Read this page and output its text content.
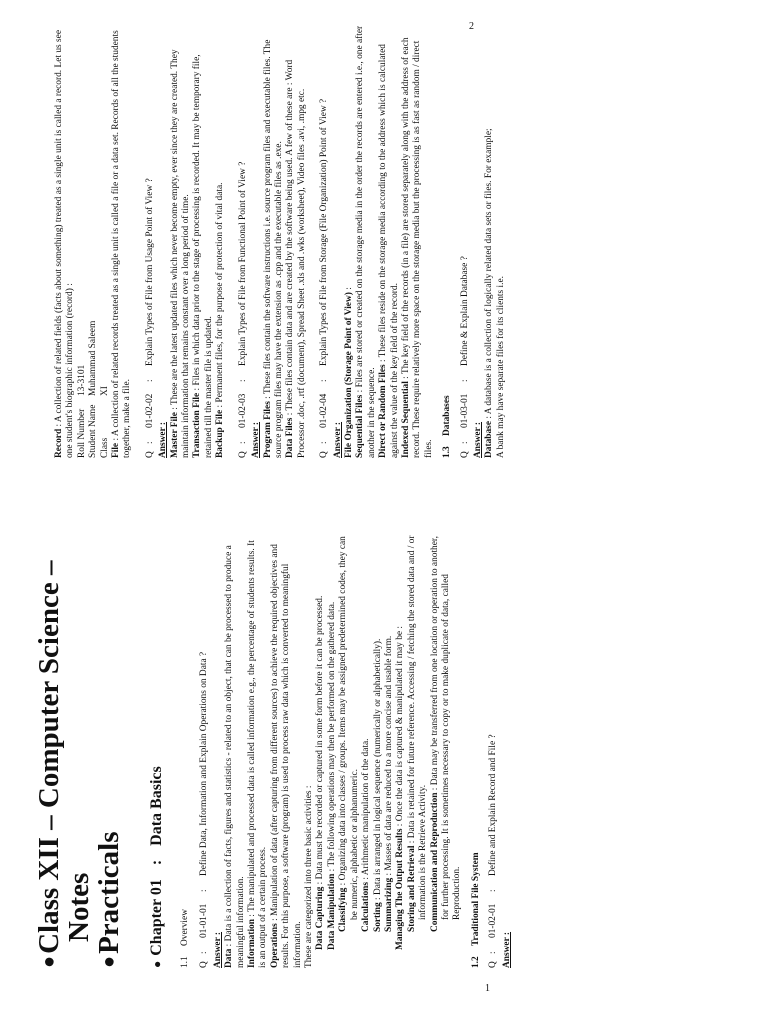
●Class XII – Computer Science –
Notes
●Practicals
●Chapter 01:Data Basics

1.1Overview

Q

:

01-01-01

:

Define Data, Information and Explain Operations on Data ?

Answer : Data : Data is a collection of facts, figures and statistics - related to an object, that can be processed to produce a meaningful information. Information : The manipulated and processed data is called information e.g., the percentage of students results. It is an output of a certain process. Operations : Manipulation of data (after capturing from different sources) to achieve the required objectives and results. For this purpose, a software (program) is used to process raw data which is converted to meaningful information. These are categorized into three basic activities : Data Capturing : Data must be recorded or captured in some form before it can be processed.

Data Manipulation : The following operations may then be performed on the gathered data.

Classifying : Organizing data into classes / groups. Items may be assigned predetermined codes, they can be numeric, alphabetic or alphanumeric. Calculations : Arithmetic manipulation of the data.

Sorting : Data is arranged in logical sequence (numerically or alphabetically).

Summarizing : Masses of data are reduced to a more concise and usable form.

Managing The Output Results : Once the data is captured & manipulated it may be :

Storing and Retrieval : Data is retained for future reference. Accessing / fetching the stored data and / or information is the Retrieve Activity. Communication and Reproduction : Data may be transferred from one location or operation to another, for further processing. It is sometimes necessary to copy or to make duplicate of data, called Reproduction.

1.2Traditional File System

Q

:

01-02-01

:

Define and Explain Record and File ?

Answer :

1

Record : A collection of related fields (facts about something) treated as a single unit is called a record. Let us see one student's biographic information (record) : Roll Number

13-3101

Student Name

Muhammad Saleem

Class

XI

File : A collection of related records treated as a single unit is called a file or a data set. Records of all the students together, make a file. Q

:

01-02-02

:

Explain Types of File from Usage Point of View ?

Answer : Master File : These are the latest updated files which never become empty, ever since they are created. They maintain information that remains constant over a long period of time. Transaction File : Files in which data prior to the stage of processing is recorded. It may be temporary file, retained till the master file is updated. Backup File : Permanent files, for the purpose of protection of vital data.

Q

:

01-02-03

:

Explain Types of File from Functional Point of View ?

Answer : Program Files : These files contain the software instructions i.e. source program files and executable files. The source program files may have the extension as .cpp and the executable files as .exe. Data Files : These files contain data and are created by the software being used. A few of these are : Word Processor .doc, .rtf (document), Spread Sheet .xls and .wks (worksheet), Video files .avi, .mpg etc. Q

:

01-02-04

:

Explain Types of File from Storage (File Organization) Point of View ?

Answer : File Organization (Storage Point of View) :

Sequential Files : Files are stored or created on the storage media in the order the records are entered i.e., one after another in the sequence. Direct or Random Files : These files reside on the storage media according to the address which is calculated against the value of the key field of the record. Indexed Sequential : The key field of the records (in a file) are stored separately along with the address of each record. These require relatively more space on the storage media but the processing is as fast as random / direct files. 1.3Databases

Q

:

01-03-01

:

Define & Explain Database ?

Answer : Database : A database is a collection of logically related data sets or files. For example; A bank may have separate files for its clients i.e.

2
